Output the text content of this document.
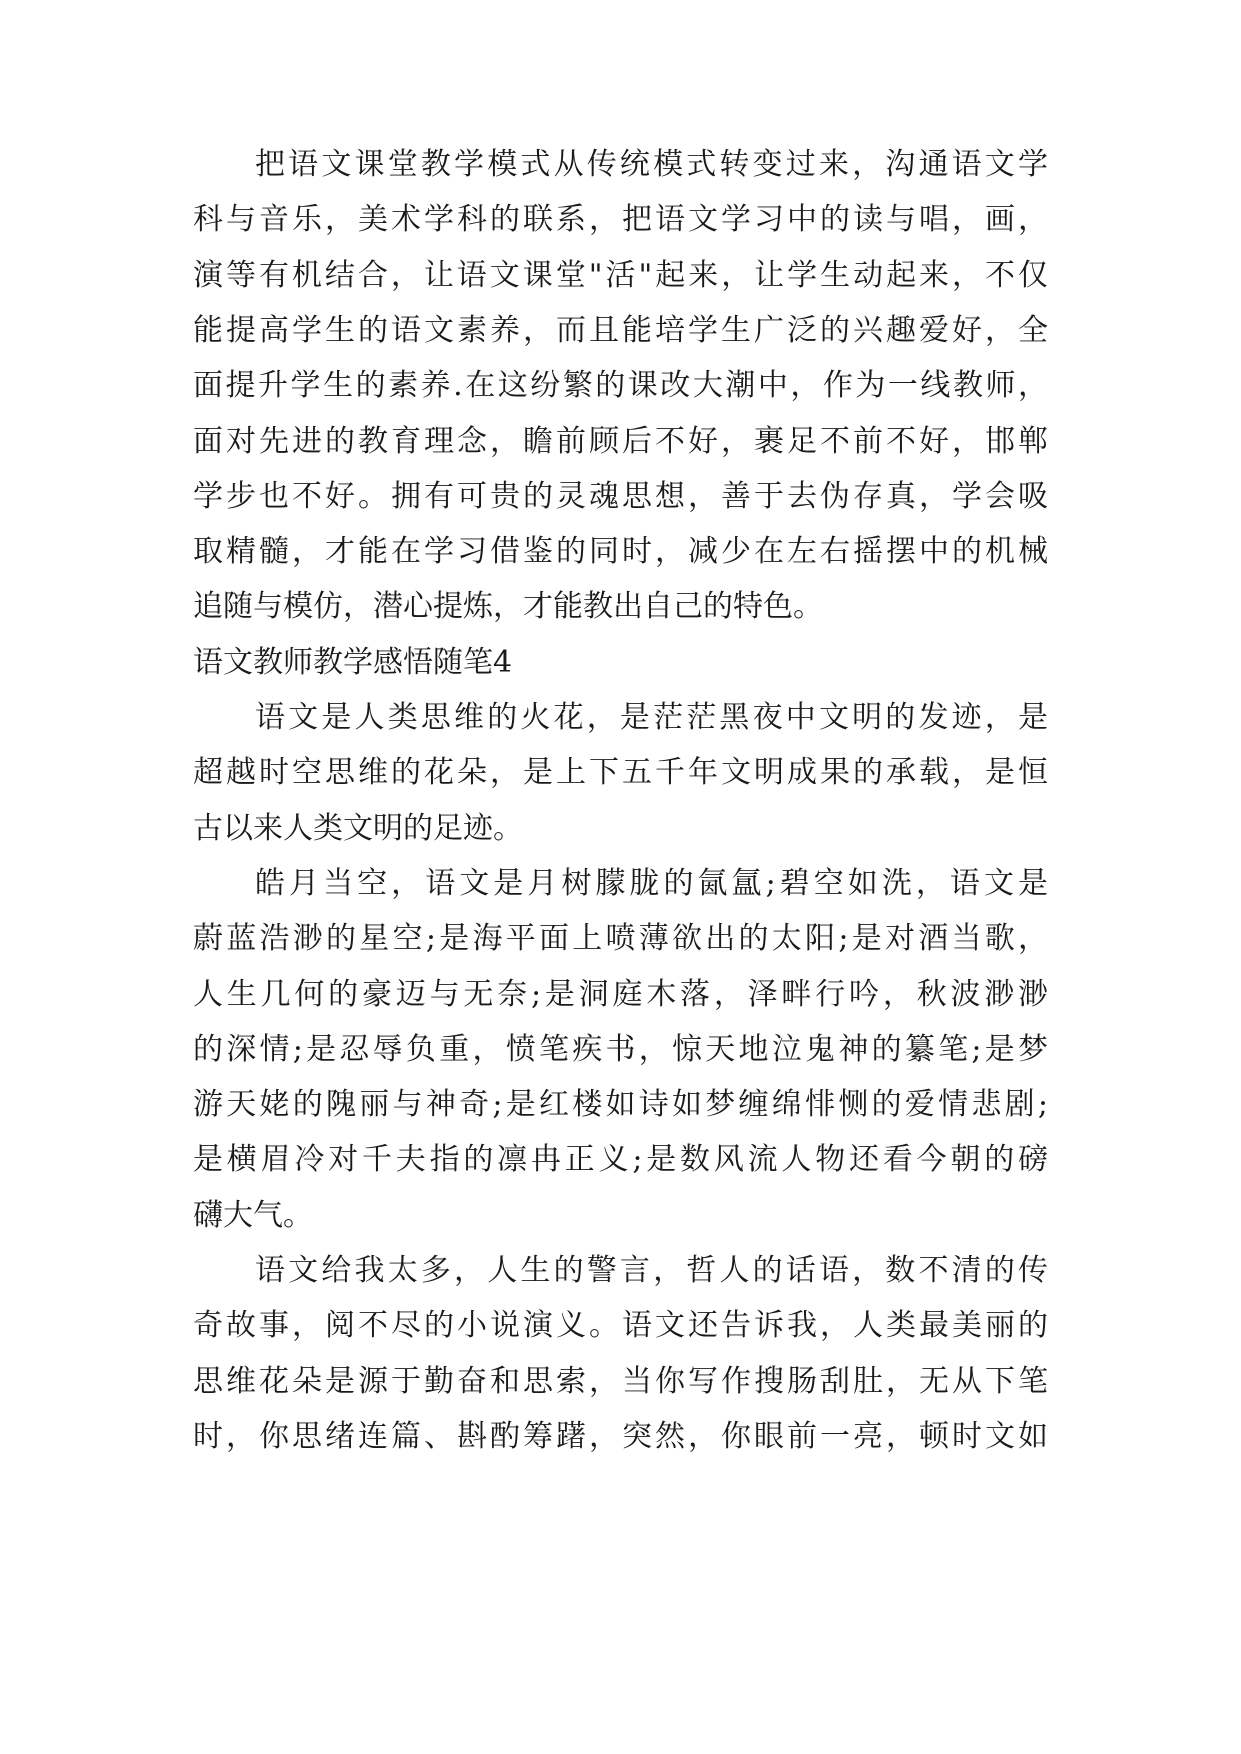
把语文课堂教学模式从传统模式转变过来，沟通语文学
科与音乐，美术学科的联系，把语文学习中的读与唱，画，
演等有机结合，让语文课堂"活"起来，让学生动起来，不仅
能提高学生的语文素养，而且能培学生广泛的兴趣爱好，全
面提升学生的素养.在这纷繁的课改大潮中，作为一线教师，
面对先进的教育理念，瞻前顾后不好，裹足不前不好，邯郸
学步也不好。拥有可贵的灵魂思想，善于去伪存真，学会吸
取精髓，才能在学习借鉴的同时，减少在左右摇摆中的机械
追随与模仿，潜心提炼，才能教出自己的特色。
语文教师教学感悟随笔4
语文是人类思维的火花，是茫茫黑夜中文明的发迹，是
超越时空思维的花朵，是上下五千年文明成果的承载，是恒
古以来人类文明的足迹。
皓月当空，语文是月树朦胧的氤氲;碧空如洗，语文是
蔚蓝浩渺的星空;是海平面上喷薄欲出的太阳;是对酒当歌，
人生几何的豪迈与无奈;是洞庭木落，泽畔行吟，秋波渺渺
的深情;是忍辱负重，愤笔疾书，惊天地泣鬼神的纂笔;是梦
游天姥的隗丽与神奇;是红楼如诗如梦缠绵悱恻的爱情悲剧;
是横眉冷对千夫指的凛冉正义;是数风流人物还看今朝的磅
礴大气。
语文给我太多，人生的警言，哲人的话语，数不清的传
奇故事，阅不尽的小说演义。语文还告诉我，人类最美丽的
思维花朵是源于勤奋和思索，当你写作搜肠刮肚，无从下笔
时，你思绪连篇、斟酌筹躇，突然，你眼前一亮，顿时文如
